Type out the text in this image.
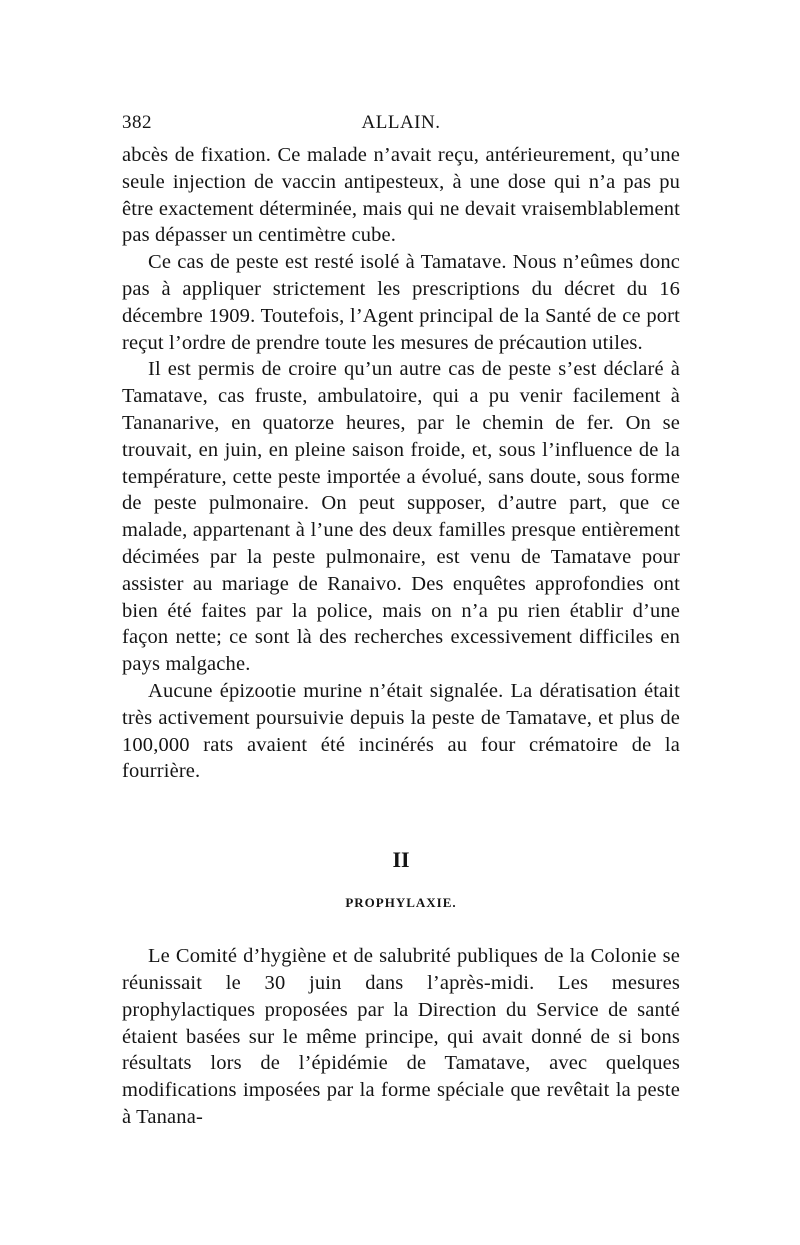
382	ALLAIN.

abcès de fixation. Ce malade n’avait reçu, antérieurement, qu’une seule injection de vaccin antipesteux, à une dose qui n’a pas pu être exactement déterminée, mais qui ne devait vraisemblablement pas dépasser un centimètre cube.

Ce cas de peste est resté isolé à Tamatave. Nous n’eûmes donc pas à appliquer strictement les prescriptions du décret du 16 décembre 1909. Toutefois, l’Agent principal de la Santé de ce port reçut l’ordre de prendre toute les mesures de précaution utiles.

Il est permis de croire qu’un autre cas de peste s’est déclaré à Tamatave, cas fruste, ambulatoire, qui a pu venir facilement à Tananarive, en quatorze heures, par le chemin de fer. On se trouvait, en juin, en pleine saison froide, et, sous l’influence de la température, cette peste importée a évolué, sans doute, sous forme de peste pulmonaire. On peut supposer, d’autre part, que ce malade, appartenant à l’une des deux familles presque entièrement décimées par la peste pulmonaire, est venu de Tamatave pour assister au mariage de Ranaivo. Des enquêtes approfondies ont bien été faites par la police, mais on n’a pu rien établir d’une façon nette; ce sont là des recherches excessivement difficiles en pays malgache.

Aucune épizootie murine n’était signalée. La dératisation était très activement poursuivie depuis la peste de Tamatave, et plus de 100,000 rats avaient été incinérés au four crématoire de la fourrière.

II
PROPHYLAXIE.

Le Comité d’hygiène et de salubrité publiques de la Colonie se réunissait le 30 juin dans l’après-midi. Les mesures prophylactiques proposées par la Direction du Service de santé étaient basées sur le même principe, qui avait donné de si bons résultats lors de l’épidémie de Tamatave, avec quelques modifications imposées par la forme spéciale que revêtait la peste à Tanana-
